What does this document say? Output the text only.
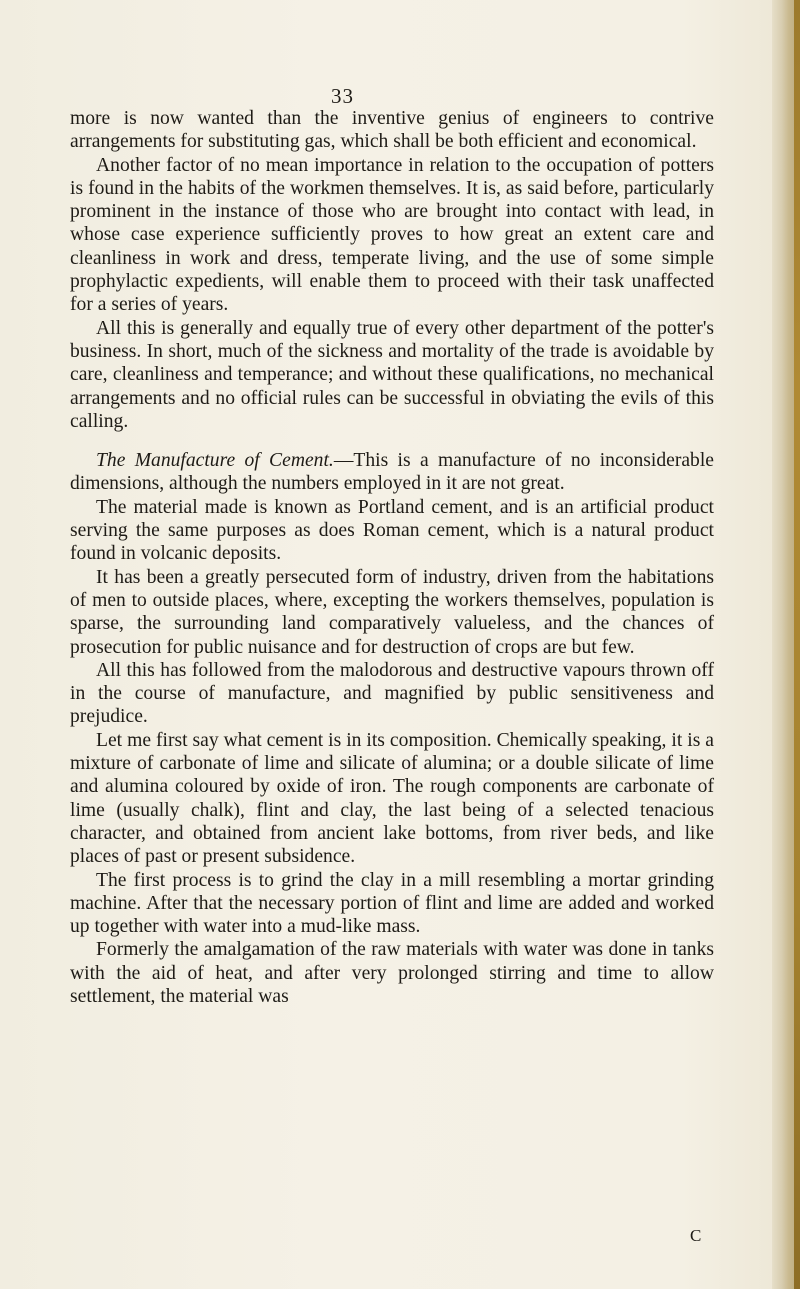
33

more is now wanted than the inventive genius of engineers to contrive arrangements for substituting gas, which shall be both efficient and economical.

Another factor of no mean importance in relation to the occupation of potters is found in the habits of the workmen themselves. It is, as said before, particularly prominent in the instance of those who are brought into contact with lead, in whose case experience sufficiently proves to how great an extent care and cleanliness in work and dress, temperate living, and the use of some simple prophylactic expedients, will enable them to proceed with their task unaffected for a series of years.

All this is generally and equally true of every other department of the potter's business. In short, much of the sickness and mortality of the trade is avoidable by care, cleanliness and temperance; and without these qualifications, no mechanical arrangements and no official rules can be successful in obviating the evils of this calling.

The Manufacture of Cement.—This is a manufacture of no inconsiderable dimensions, although the numbers employed in it are not great.

The material made is known as Portland cement, and is an artificial product serving the same purposes as does Roman cement, which is a natural product found in volcanic deposits.

It has been a greatly persecuted form of industry, driven from the habitations of men to outside places, where, excepting the workers themselves, population is sparse, the surrounding land comparatively valueless, and the chances of prosecution for public nuisance and for destruction of crops are but few.

All this has followed from the malodorous and destructive vapours thrown off in the course of manufacture, and magnified by public sensitiveness and prejudice.

Let me first say what cement is in its composition. Chemically speaking, it is a mixture of carbonate of lime and silicate of alumina; or a double silicate of lime and alumina coloured by oxide of iron. The rough components are carbonate of lime (usually chalk), flint and clay, the last being of a selected tenacious character, and obtained from ancient lake bottoms, from river beds, and like places of past or present subsidence.

The first process is to grind the clay in a mill resembling a mortar grinding machine. After that the necessary portion of flint and lime are added and worked up together with water into a mud-like mass.

Formerly the amalgamation of the raw materials with water was done in tanks with the aid of heat, and after very prolonged stirring and time to allow settlement, the material was

C
